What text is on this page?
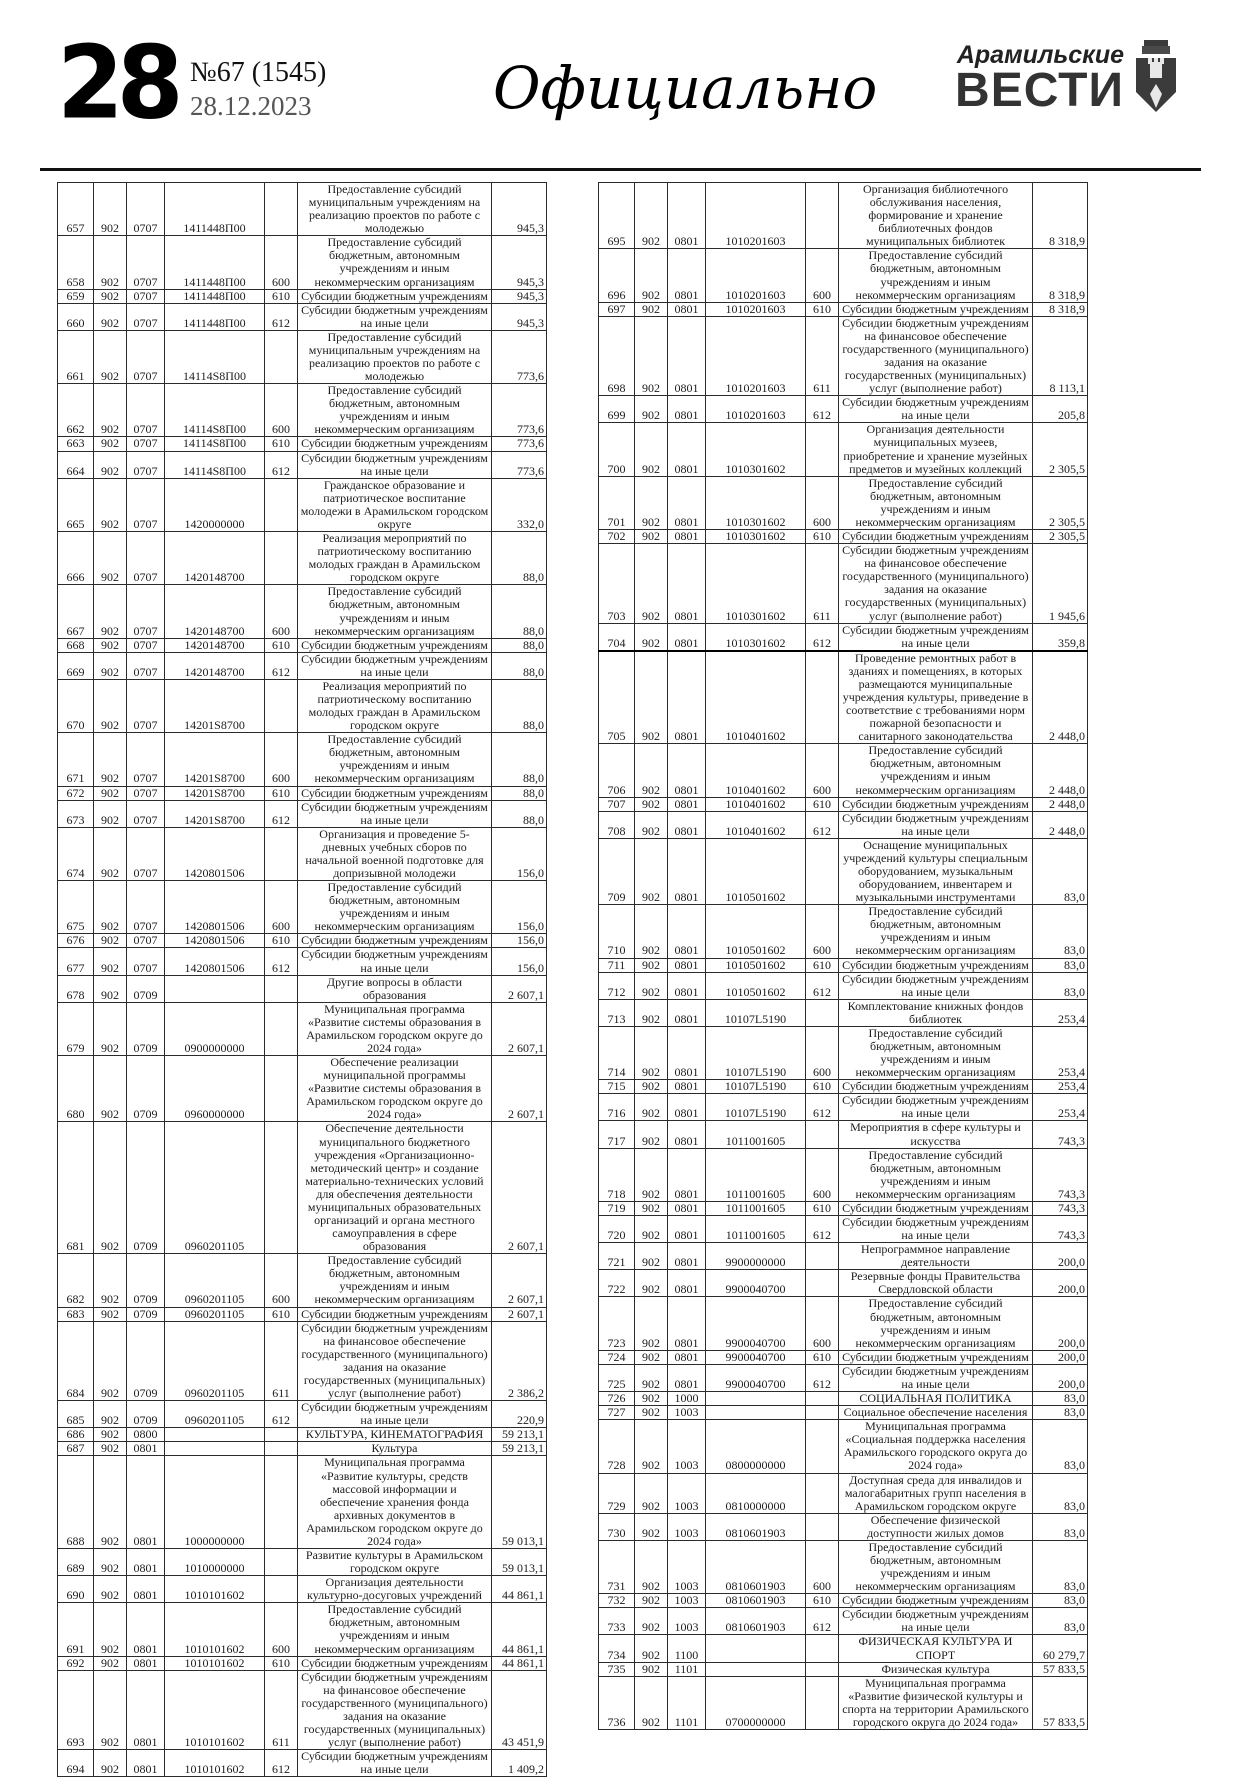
28 №67 (1545)
28.12.2023	Официально	Арамильские
ВЕСТИ
657	902	0707	1411448П00		Предоставление субсидий муниципальным учреждениям на реализацию проектов по работе с молодежью	945,3
658	902	0707	1411448П00	600	Предоставление субсидий бюджетным, автономным учреждениям и иным некоммерческим организациям	945,3
659	902	0707	1411448П00	610	Субсидии бюджетным учреждениям	945,3
660	902	0707	1411448П00	612	Субсидии бюджетным учреждениям на иные цели	945,3
661	902	0707	14114S8П00		Предоставление субсидий муниципальным учреждениям на реализацию проектов по работе с молодежью	773,6
662	902	0707	14114S8П00	600	Предоставление субсидий бюджетным, автономным учреждениям и иным некоммерческим организациям	773,6
663	902	0707	14114S8П00	610	Субсидии бюджетным учреждениям	773,6
664	902	0707	14114S8П00	612	Субсидии бюджетным учреждениям на иные цели	773,6
665	902	0707	1420000000		Гражданское образование и патриотическое воспитание молодежи в Арамильском городском округе	332,0
666	902	0707	1420148700		Реализация мероприятий по патриотическому воспитанию молодых граждан в Арамильском городском округе	88,0
667	902	0707	1420148700	600	Предоставление субсидий бюджетным, автономным учреждениям и иным некоммерческим организациям	88,0
668	902	0707	1420148700	610	Субсидии бюджетным учреждениям	88,0
669	902	0707	1420148700	612	Субсидии бюджетным учреждениям на иные цели	88,0
670	902	0707	14201S8700		Реализация мероприятий по патриотическому воспитанию молодых граждан в Арамильском городском округе	88,0
671	902	0707	14201S8700	600	Предоставление субсидий бюджетным, автономным учреждениям и иным некоммерческим организациям	88,0
672	902	0707	14201S8700	610	Субсидии бюджетным учреждениям	88,0
673	902	0707	14201S8700	612	Субсидии бюджетным учреждениям на иные цели	88,0
674	902	0707	1420801506		Организация и проведение 5-дневных учебных сборов по начальной военной подготовке для допризывной молодежи	156,0
675	902	0707	1420801506	600	Предоставление субсидий бюджетным, автономным учреждениям и иным некоммерческим организациям	156,0
676	902	0707	1420801506	610	Субсидии бюджетным учреждениям	156,0
677	902	0707	1420801506	612	Субсидии бюджетным учреждениям на иные цели	156,0
678	902	0709			Другие вопросы в области образования	2 607,1
679	902	0709	0900000000		Муниципальная программа «Развитие системы образования в Арамильском городском округе до 2024 года»	2 607,1
680	902	0709	0960000000		Обеспечение реализации муниципальной программы «Развитие системы образования в Арамильском городском округе до 2024 года»	2 607,1
681	902	0709	0960201105		Обеспечение деятельности муниципального бюджетного учреждения «Организационно-методический центр» и создание материально-технических условий для обеспечения деятельности муниципальных образовательных организаций и органа местного самоуправления в сфере образования	2 607,1
682	902	0709	0960201105	600	Предоставление субсидий бюджетным, автономным учреждениям и иным некоммерческим организациям	2 607,1
683	902	0709	0960201105	610	Субсидии бюджетным учреждениям	2 607,1
684	902	0709	0960201105	611	Субсидии бюджетным учреждениям на финансовое обеспечение государственного (муниципального) задания на оказание государственных (муниципальных) услуг (выполнение работ)	2 386,2
685	902	0709	0960201105	612	Субсидии бюджетным учреждениям на иные цели	220,9
686	902	0800			КУЛЬТУРА, КИНЕМАТОГРАФИЯ	59 213,1
687	902	0801			Культура	59 213,1
688	902	0801	1000000000		Муниципальная программа «Развитие культуры, средств массовой информации и обеспечение хранения фонда архивных документов в Арамильском городском округе до 2024 года»	59 013,1
689	902	0801	1010000000		Развитие культуры в Арамильском городском округе	59 013,1
690	902	0801	1010101602		Организация деятельности культурно-досуговых учреждений	44 861,1
691	902	0801	1010101602	600	Предоставление субсидий бюджетным, автономным учреждениям и иным некоммерческим организациям	44 861,1
692	902	0801	1010101602	610	Субсидии бюджетным учреждениям	44 861,1
693	902	0801	1010101602	611	Субсидии бюджетным учреждениям на финансовое обеспечение государственного (муниципального) задания на оказание государственных (муниципальных) услуг (выполнение работ)	43 451,9
694	902	0801	1010101602	612	Субсидии бюджетным учреждениям на иные цели	1 409,2
695	902	0801	1010201603		Организация библиотечного обслуживания населения, формирование и хранение библиотечных фондов муниципальных библиотек	8 318,9
696	902	0801	1010201603	600	Предоставление субсидий бюджетным, автономным учреждениям и иным некоммерческим организациям	8 318,9
697	902	0801	1010201603	610	Субсидии бюджетным учреждениям	8 318,9
698	902	0801	1010201603	611	Субсидии бюджетным учреждениям на финансовое обеспечение государственного (муниципального) задания на оказание государственных (муниципальных) услуг (выполнение работ)	8 113,1
699	902	0801	1010201603	612	Субсидии бюджетным учреждениям на иные цели	205,8
700	902	0801	1010301602		Организация деятельности муниципальных музеев, приобретение и хранение музейных предметов и музейных коллекций	2 305,5
701	902	0801	1010301602	600	Предоставление субсидий бюджетным, автономным учреждениям и иным некоммерческим организациям	2 305,5
702	902	0801	1010301602	610	Субсидии бюджетным учреждениям	2 305,5
703	902	0801	1010301602	611	Субсидии бюджетным учреждениям на финансовое обеспечение государственного (муниципального) задания на оказание государственных (муниципальных) услуг (выполнение работ)	1 945,6
704	902	0801	1010301602	612	Субсидии бюджетным учреждениям на иные цели	359,8
705	902	0801	1010401602		Проведение ремонтных работ в зданиях и помещениях, в которых размещаются муниципальные учреждения культуры, приведение в соответствие с требованиями норм пожарной безопасности и санитарного законодательства	2 448,0
706	902	0801	1010401602	600	Предоставление субсидий бюджетным, автономным учреждениям и иным некоммерческим организациям	2 448,0
707	902	0801	1010401602	610	Субсидии бюджетным учреждениям	2 448,0
708	902	0801	1010401602	612	Субсидии бюджетным учреждениям на иные цели	2 448,0
709	902	0801	1010501602		Оснащение муниципальных учреждений культуры специальным оборудованием, музыкальным оборудованием, инвентарем и музыкальными инструментами	83,0
710	902	0801	1010501602	600	Предоставление субсидий бюджетным, автономным учреждениям и иным некоммерческим организациям	83,0
711	902	0801	1010501602	610	Субсидии бюджетным учреждениям	83,0
712	902	0801	1010501602	612	Субсидии бюджетным учреждениям на иные цели	83,0
713	902	0801	10107L5190		Комплектование книжных фондов библиотек	253,4
714	902	0801	10107L5190	600	Предоставление субсидий бюджетным, автономным учреждениям и иным некоммерческим организациям	253,4
715	902	0801	10107L5190	610	Субсидии бюджетным учреждениям	253,4
716	902	0801	10107L5190	612	Субсидии бюджетным учреждениям на иные цели	253,4
717	902	0801	1011001605		Мероприятия в сфере культуры и искусства	743,3
718	902	0801	1011001605	600	Предоставление субсидий бюджетным, автономным учреждениям и иным некоммерческим организациям	743,3
719	902	0801	1011001605	610	Субсидии бюджетным учреждениям	743,3
720	902	0801	1011001605	612	Субсидии бюджетным учреждениям на иные цели	743,3
721	902	0801	9900000000		Непрограммное направление деятельности	200,0
722	902	0801	9900040700		Резервные фонды Правительства Свердловской области	200,0
723	902	0801	9900040700	600	Предоставление субсидий бюджетным, автономным учреждениям и иным некоммерческим организациям	200,0
724	902	0801	9900040700	610	Субсидии бюджетным учреждениям	200,0
725	902	0801	9900040700	612	Субсидии бюджетным учреждениям на иные цели	200,0
726	902	1000			СОЦИАЛЬНАЯ ПОЛИТИКА	83,0
727	902	1003			Социальное обеспечение населения	83,0
728	902	1003	0800000000		Муниципальная программа «Социальная поддержка населения Арамильского городского округа до 2024 года»	83,0
729	902	1003	0810000000		Доступная среда для инвалидов и малогабаритных групп населения в Арамильском городском округе	83,0
730	902	1003	0810601903		Обеспечение физической доступности жилых домов	83,0
731	902	1003	0810601903	600	Предоставление субсидий бюджетным, автономным учреждениям и иным некоммерческим организациям	83,0
732	902	1003	0810601903	610	Субсидии бюджетным учреждениям	83,0
733	902	1003	0810601903	612	Субсидии бюджетным учреждениям на иные цели	83,0
734	902	1100			ФИЗИЧЕСКАЯ КУЛЬТУРА И СПОРТ	60 279,7
735	902	1101			Физическая культура	57 833,5
736	902	1101	0700000000		Муниципальная программа «Развитие физической культуры и спорта на территории Арамильского городского округа до 2024 года»	57 833,5
